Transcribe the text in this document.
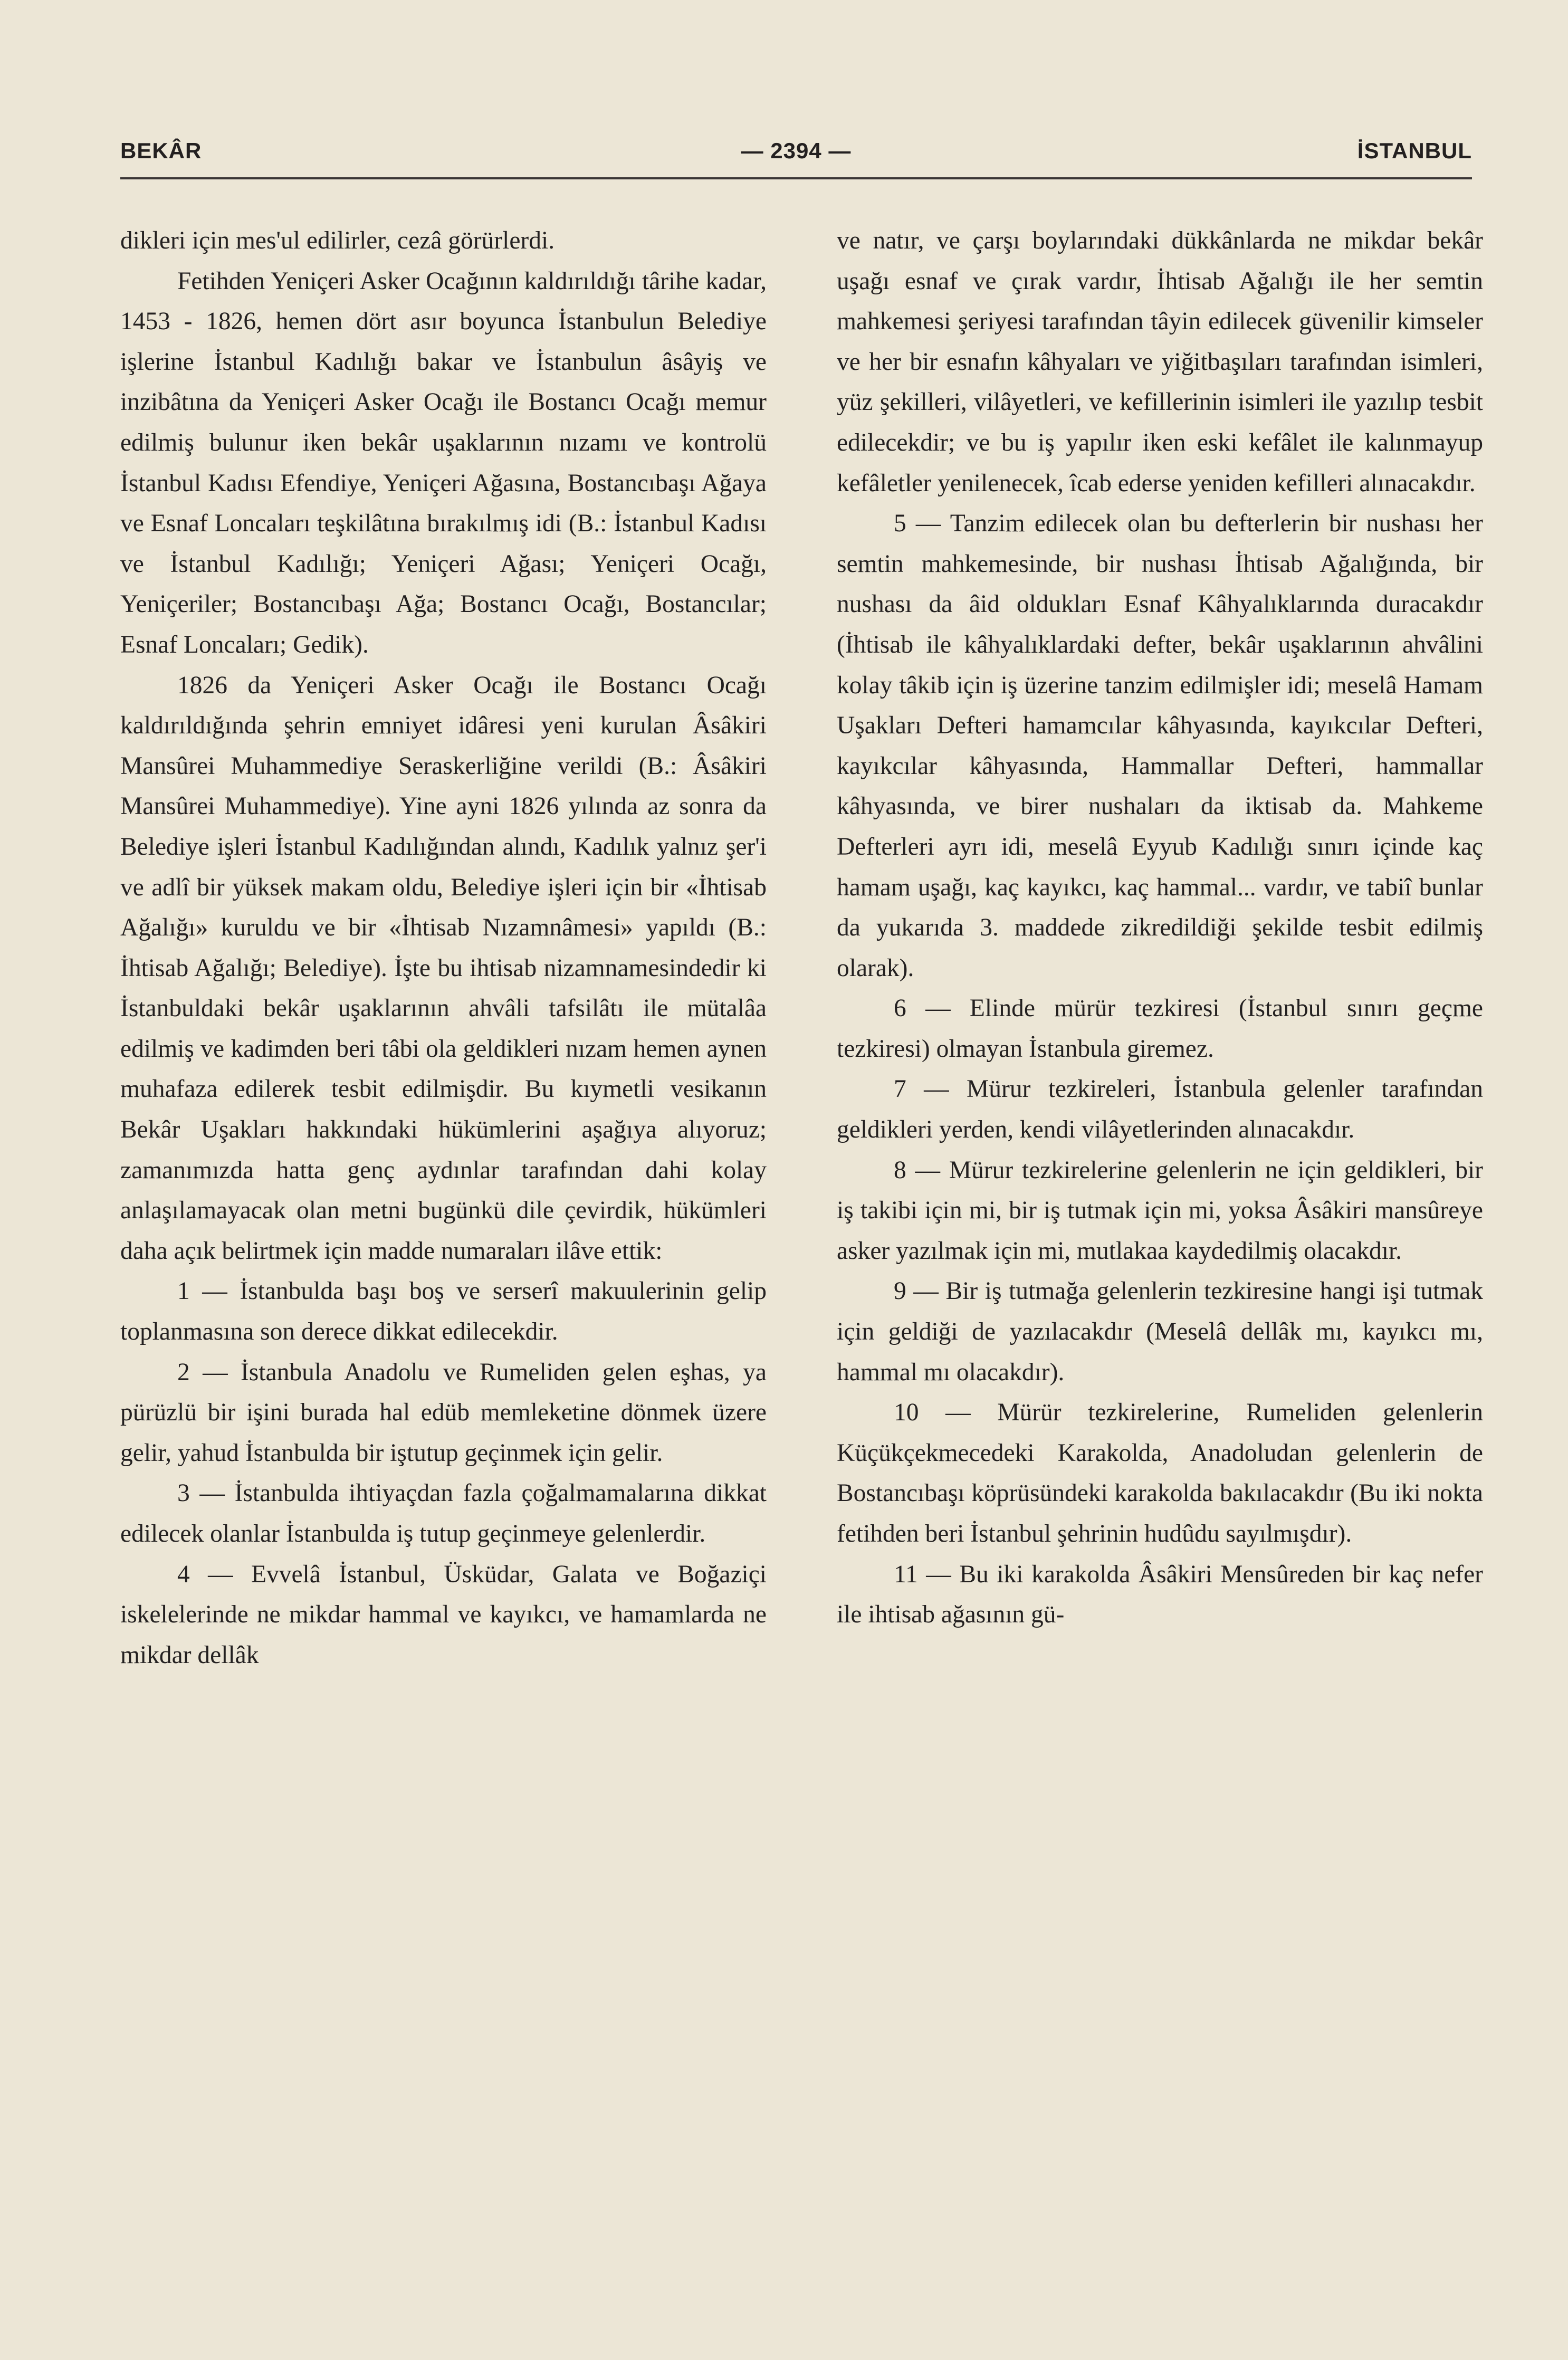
BEKÂR	— 2394 —	İSTANBUL

dikleri için mes'ul edilirler, cezâ görürlerdi.

Fetihden Yeniçeri Asker Ocağının kaldırıldığı târihe kadar, 1453 - 1826, hemen dört asır boyunca İstanbulun Belediye işlerine İstanbul Kadılığı bakar ve İstanbulun âsâyiş ve inzibâtına da Yeniçeri Asker Ocağı ile Bostancı Ocağı memur edilmiş bulunur iken bekâr uşaklarının nızamı ve kontrolü İstanbul Kadısı Efendiye, Yeniçeri Ağasına, Bostancıbaşı Ağaya ve Esnaf Loncaları teşkilâtına bırakılmış idi (B.: İstanbul Kadısı ve İstanbul Kadılığı; Yeniçeri Ağası; Yeniçeri Ocağı, Yeniçeriler; Bostancıbaşı Ağa; Bostancı Ocağı, Bostancılar; Esnaf Loncaları; Gedik).

1826 da Yeniçeri Asker Ocağı ile Bostancı Ocağı kaldırıldığında şehrin emniyet idâresi yeni kurulan Âsâkiri Mansûrei Muhammediye Seraskerliğine verildi (B.: Âsâkiri Mansûrei Muhammediye). Yine ayni 1826 yılında az sonra da Belediye işleri İstanbul Kadılığından alındı, Kadılık yalnız şer'i ve adlî bir yüksek makam oldu, Belediye işleri için bir «İhtisab Ağalığı» kuruldu ve bir «İhtisab Nızamnâmesi» yapıldı (B.: İhtisab Ağalığı; Belediye). İşte bu ihtisab nizamnamesindedir ki İstanbuldaki bekâr uşaklarının ahvâli tafsilâtı ile mütalâa edilmiş ve kadimden beri tâbi ola geldikleri nızam hemen aynen muhafaza edilerek tesbit edilmişdir. Bu kıymetli vesikanın Bekâr Uşakları hakkındaki hükümlerini aşağıya alıyoruz; zamanımızda hatta genç aydınlar tarafından dahi kolay anlaşılamayacak olan metni bugünkü dile çevirdik, hükümleri daha açık belirtmek için madde numaraları ilâve ettik:

1 — İstanbulda başı boş ve serserî makuulerinin gelip toplanmasına son derece dikkat edilecekdir.

2 — İstanbula Anadolu ve Rumeliden gelen eşhas, ya pürüzlü bir işini burada hal edüb memleketine dönmek üzere gelir, yahud İstanbulda bir iştutup geçinmek için gelir.

3 — İstanbulda ihtiyaçdan fazla çoğalmamalarına dikkat edilecek olanlar İstanbulda iş tutup geçinmeye gelenlerdir.

4 — Evvelâ İstanbul, Üsküdar, Galata ve Boğaziçi iskelelerinde ne mikdar hammal ve kayıkcı, ve hamamlarda ne mikdar dellâk

ve natır, ve çarşı boylarındaki dükkânlarda ne mikdar bekâr uşağı esnaf ve çırak vardır, İhtisab Ağalığı ile her semtin mahkemesi şeriyesi tarafından tâyin edilecek güvenilir kimseler ve her bir esnafın kâhyaları ve yiğitbaşıları tarafından isimleri, yüz şekilleri, vilâyetleri, ve kefillerinin isimleri ile yazılıp tesbit edilecekdir; ve bu iş yapılır iken eski kefâlet ile kalınmayup kefâletler yenilenecek, îcab ederse yeniden kefilleri alınacakdır.

5 — Tanzim edilecek olan bu defterlerin bir nushası her semtin mahkemesinde, bir nushası İhtisab Ağalığında, bir nushası da âid oldukları Esnaf Kâhyalıklarında duracakdır (İhtisab ile kâhyalıklardaki defter, bekâr uşaklarının ahvâlini kolay tâkib için iş üzerine tanzim edilmişler idi; meselâ Hamam Uşakları Defteri hamamcılar kâhyasında, kayıkcılar Defteri, kayıkcılar kâhyasında, Hammallar Defteri, hammallar kâhyasında, ve birer nushaları da iktisab da. Mahkeme Defterleri ayrı idi, meselâ Eyyub Kadılığı sınırı içinde kaç hamam uşağı, kaç kayıkcı, kaç hammal... vardır, ve tabiî bunlar da yukarıda 3. maddede zikredildiği şekilde tesbit edilmiş olarak).

6 — Elinde mürür tezkiresi (İstanbul sınırı geçme tezkiresi) olmayan İstanbula giremez.

7 — Mürur tezkireleri, İstanbula gelenler tarafından geldikleri yerden, kendi vilâyetlerinden alınacakdır.

8 — Mürur tezkirelerine gelenlerin ne için geldikleri, bir iş takibi için mi, bir iş tutmak için mi, yoksa Âsâkiri mansûreye asker yazılmak için mi, mutlakaa kaydedilmiş olacakdır.

9 — Bir iş tutmağa gelenlerin tezkiresine hangi işi tutmak için geldiği de yazılacakdır (Meselâ dellâk mı, kayıkcı mı, hammal mı olacakdır).

10 — Mürür tezkirelerine, Rumeliden gelenlerin Küçükçekmecedeki Karakolda, Anadoludan gelenlerin de Bostancıbaşı köprüsündeki karakolda bakılacakdır (Bu iki nokta fetihden beri İstanbul şehrinin hudûdu sayılmışdır).

11 — Bu iki karakolda Âsâkiri Mensûreden bir kaç nefer ile ihtisab ağasının gü-
